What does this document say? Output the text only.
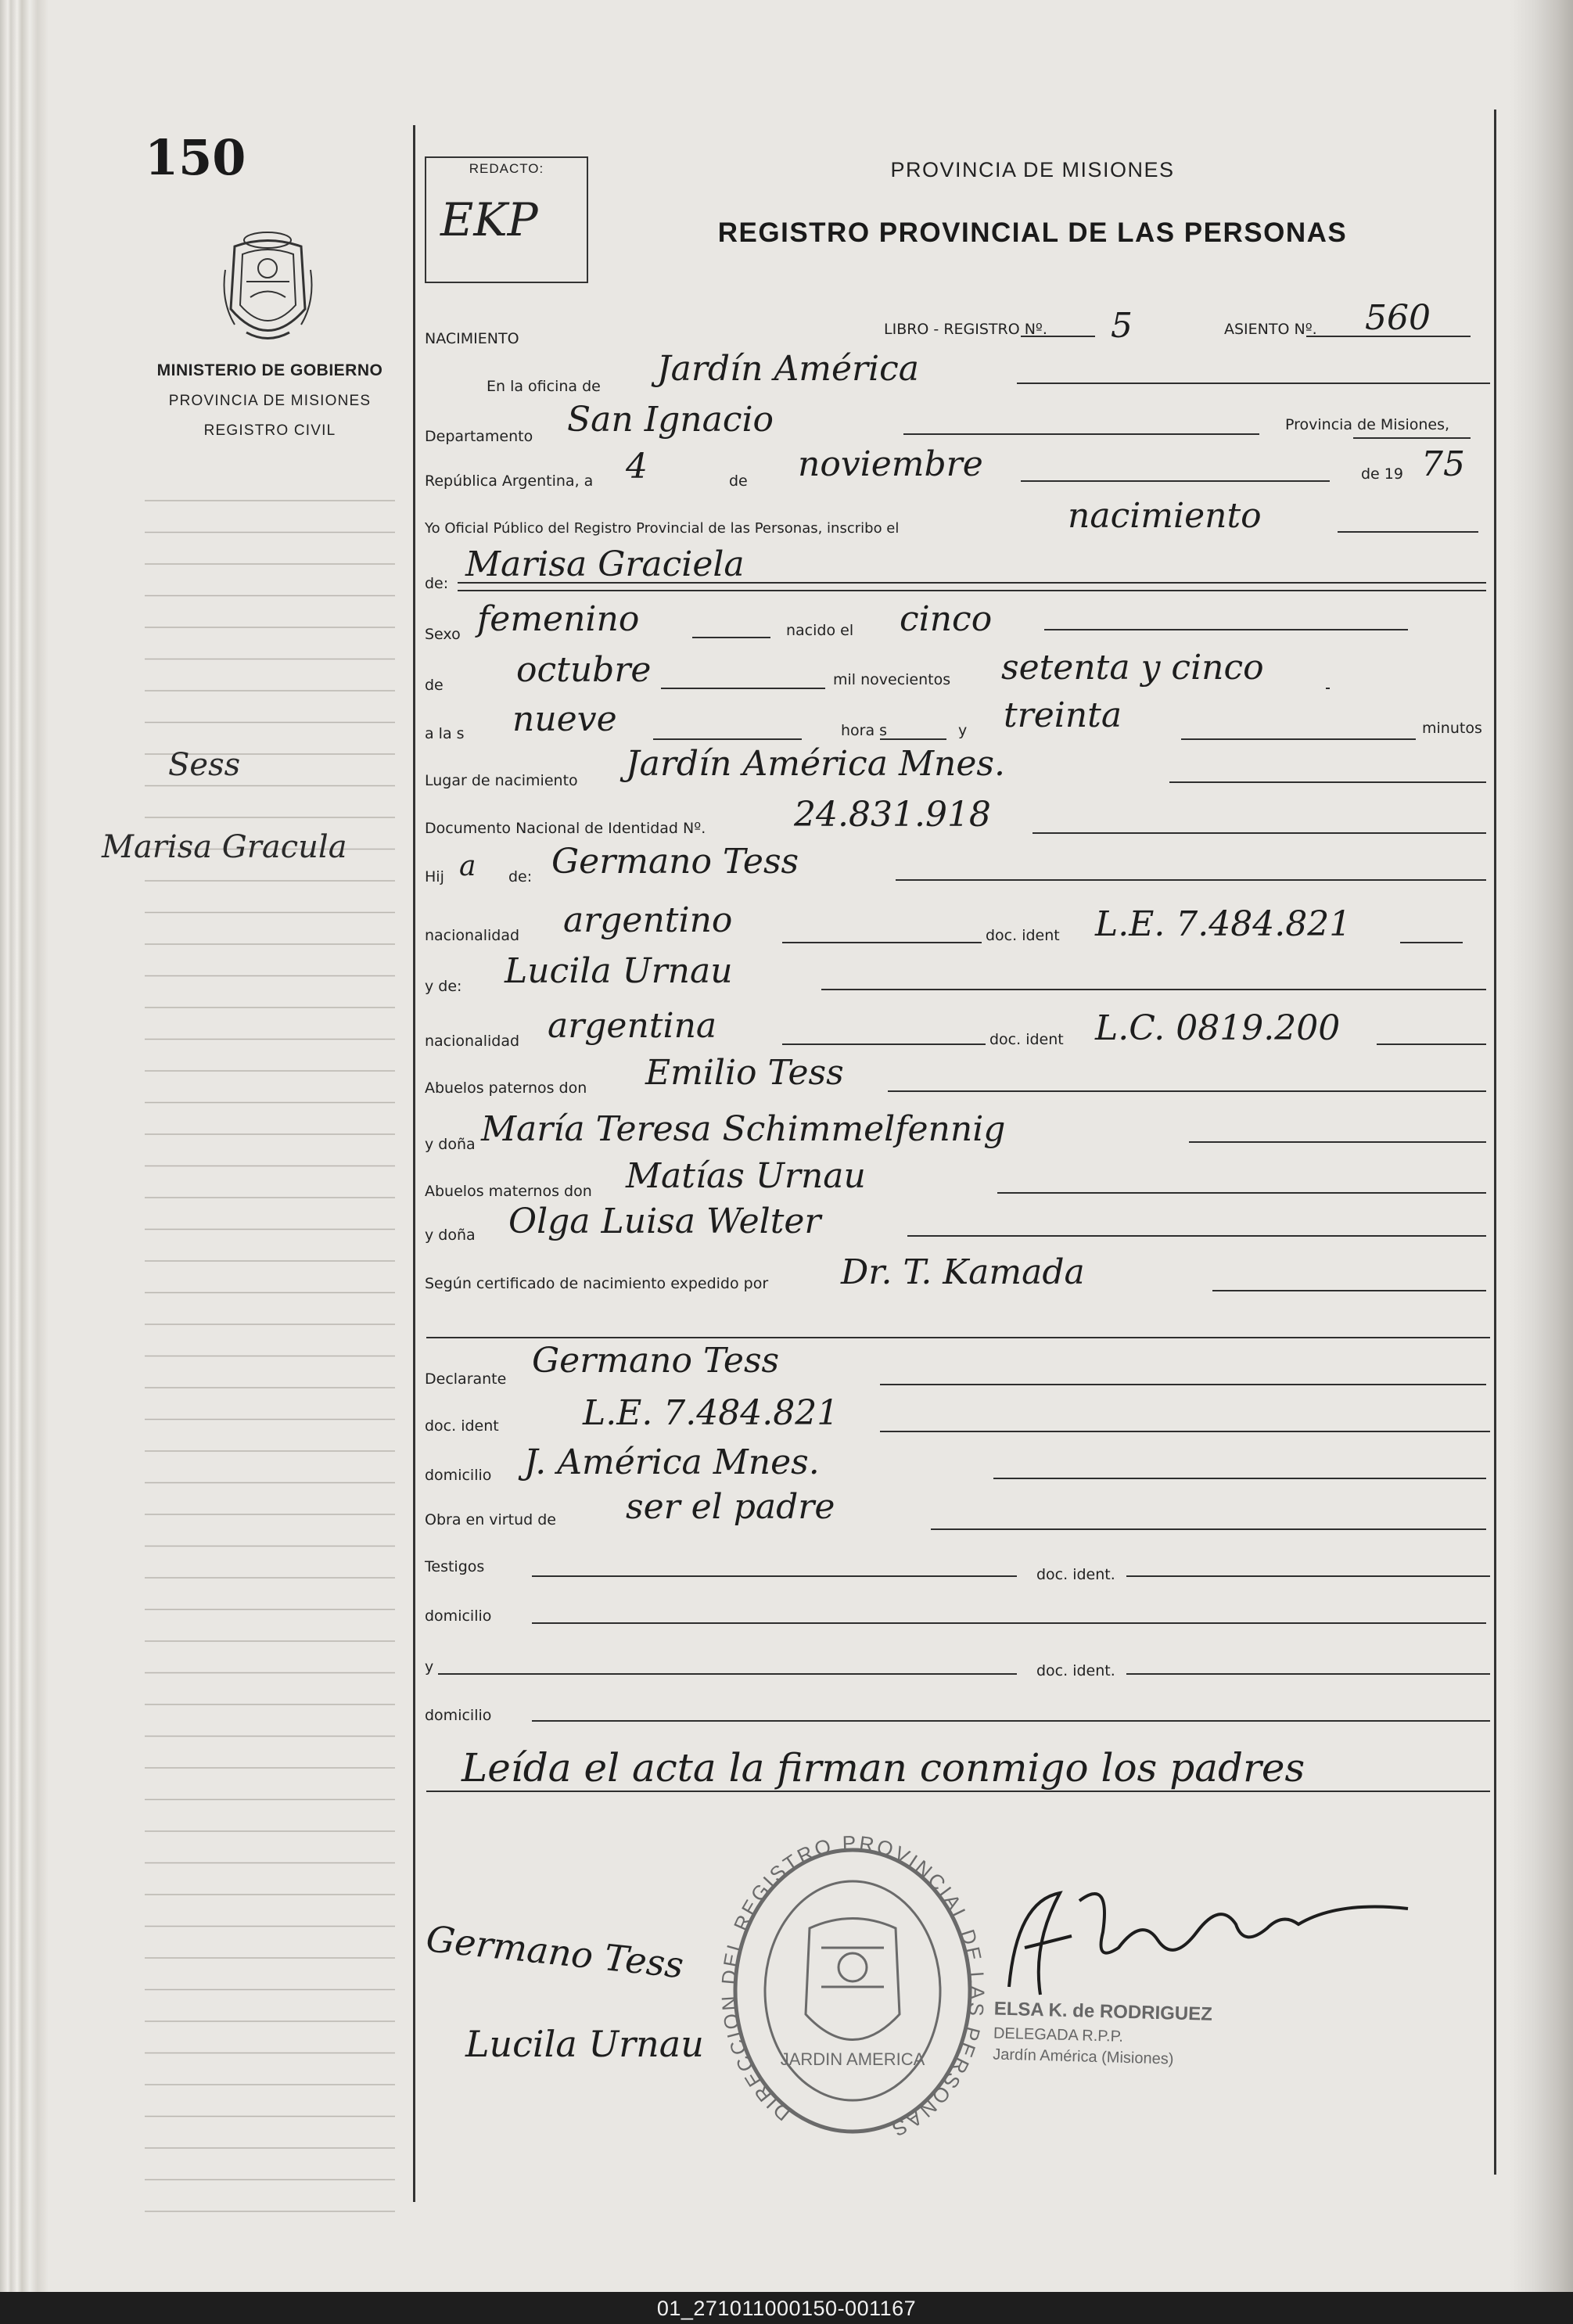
150
MINISTERIO DE GOBIERNO
PROVINCIA DE MISIONES
REGISTRO CIVIL
Sess
Marisa Gracula
REDACTO:
EKP
PROVINCIA DE MISIONES
REGISTRO PROVINCIAL DE LAS PERSONAS
NACIMIENTO
LIBRO - REGISTRO Nº. 5	ASIENTO Nº. 560
En la oficina de Jardín América
Departamento San Ignacio	Provincia de Misiones,
República Argentina, a 4	de noviembre	de 19 75
Yo Oficial Público del Registro Provincial de las Personas, inscribo el	nacimiento
de: Marisa Graciela
Sexo femenino	nacido el cinco
de octubre	mil novecientos setenta y cinco
a la s nueve	hora s	y treinta	minutos
Lugar de nacimiento Jardín América Mnes.
Documento Nacional de Identidad Nº.	24.831.918
Hij a de: Germano Tess
nacionalidad argentino	doc. ident L.E. 7.484.821
y de: Lucila Urnau
nacionalidad argentina	doc. ident L.C. 0819.200
Abuelos paternos don Emilio Tess
y doña María Teresa Schimmelfennig
Abuelos maternos don Matías Urnau
y doña Olga Luisa Welter
Según certificado de nacimiento expedido por Dr. T. Kamada
Declarante Germano Tess
doc. ident L.E. 7.484.821
domicilio J. América Mnes.
Obra en virtud de ser el padre
Testigos	doc. ident.
domicilio
y	doc. ident.
domicilio
Leída el acta la firman conmigo los padres
Germano Tess
Lucila Urnau
DIRECCION DEL REGISTRO PROVINCIAL DE LAS PERSONAS
JARDIN AMERICA
ELSA K. de RODRIGUEZ
DELEGADA R.P.P.
Jardín América (Misiones)
01_271011000150-001167
